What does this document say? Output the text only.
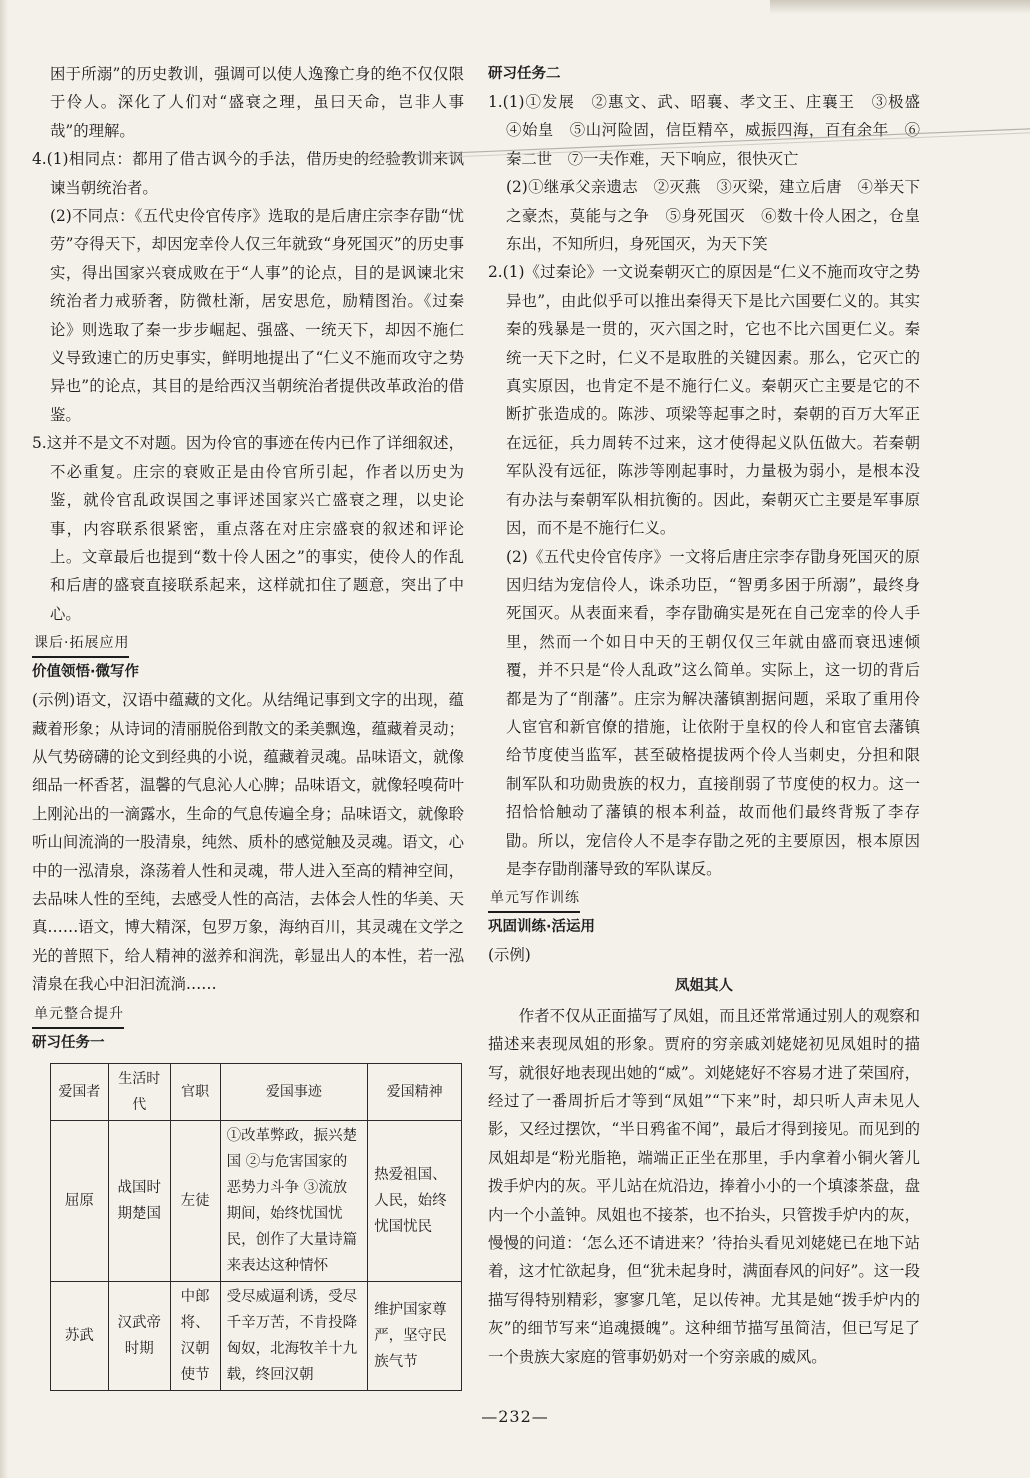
困于所溺”的历史教训，强调可以使人逸豫亡身的绝不仅仅限于伶人。深化了人们对“盛衰之理，虽曰天命，岂非人事哉”的理解。

4.(1)相同点：都用了借古讽今的手法，借历史的经验教训来讽谏当朝统治者。

(2)不同点：《五代史伶官传序》选取的是后唐庄宗李存勖“忧劳”夺得天下，却因宠幸伶人仅三年就致“身死国灭”的历史事实，得出国家兴衰成败在于“人事”的论点，目的是讽谏北宋统治者力戒骄奢，防微杜渐，居安思危，励精图治。《过秦论》则选取了秦一步步崛起、强盛、一统天下，却因不施仁义导致速亡的历史事实，鲜明地提出了“仁义不施而攻守之势异也”的论点，其目的是给西汉当朝统治者提供改革政治的借鉴。

5.这并不是文不对题。因为伶官的事迹在传内已作了详细叙述，不必重复。庄宗的衰败正是由伶官所引起，作者以历史为鉴，就伶官乱政误国之事评述国家兴亡盛衰之理，以史论事，内容联系很紧密，重点落在对庄宗盛衰的叙述和评论上。文章最后也提到“数十伶人困之”的事实，使伶人的作乱和后唐的盛衰直接联系起来，这样就扣住了题意，突出了中心。

课后·拓展应用

价值领悟·微写作

(示例)语文，汉语中蕴藏的文化。从结绳记事到文字的出现，蕴藏着形象；从诗词的清丽脱俗到散文的柔美飘逸，蕴藏着灵动；从气势磅礴的论文到经典的小说，蕴藏着灵魂。品味语文，就像细品一杯香茗，温馨的气息沁人心脾；品味语文，就像轻嗅荷叶上刚沁出的一滴露水，生命的气息传遍全身；品味语文，就像聆听山间流淌的一股清泉，纯然、质朴的感觉触及灵魂。语文，心中的一泓清泉，涤荡着人性和灵魂，带人进入至高的精神空间，去品味人性的至纯，去感受人性的高洁，去体会人性的华美、天真……语文，博大精深，包罗万象，海纳百川，其灵魂在文学之光的普照下，给人精神的滋养和润洗，彰显出人的本性，若一泓清泉在我心中汩汩流淌……

单元整合提升

研习任务一

爱国者	生活时代	官职	爱国事迹	爱国精神
屈原	战国时期楚国	左徒	①改革弊政，振兴楚国 ②与危害国家的恶势力斗争 ③流放期间，始终忧国忧民，创作了大量诗篇来表达这种情怀	热爱祖国、人民，始终忧国忧民
苏武	汉武帝时期	中郎将、汉朝使节	受尽威逼利诱，受尽千辛万苦，不肯投降匈奴，北海牧羊十九载，终回汉朝	维护国家尊严，坚守民族气节

研习任务二

1.(1)①发展　②惠文、武、昭襄、孝文王、庄襄王　③极盛　④始皇　⑤山河险固，信臣精卒，威振四海，百有余年　⑥秦二世　⑦一夫作难，天下响应，很快灭亡

(2)①继承父亲遗志　②灭燕　③灭梁，建立后唐　④举天下之豪杰，莫能与之争　⑤身死国灭　⑥数十伶人困之，仓皇东出，不知所归，身死国灭，为天下笑

2.(1)《过秦论》一文说秦朝灭亡的原因是“仁义不施而攻守之势异也”，由此似乎可以推出秦得天下是比六国要仁义的。其实秦的残暴是一贯的，灭六国之时，它也不比六国更仁义。秦统一天下之时，仁义不是取胜的关键因素。那么，它灭亡的真实原因，也肯定不是不施行仁义。秦朝灭亡主要是它的不断扩张造成的。陈涉、项梁等起事之时，秦朝的百万大军正在远征，兵力周转不过来，这才使得起义队伍做大。若秦朝军队没有远征，陈涉等刚起事时，力量极为弱小，是根本没有办法与秦朝军队相抗衡的。因此，秦朝灭亡主要是军事原因，而不是不施行仁义。

(2)《五代史伶官传序》一文将后唐庄宗李存勖身死国灭的原因归结为宠信伶人，诛杀功臣，“智勇多困于所溺”，最终身死国灭。从表面来看，李存勖确实是死在自己宠幸的伶人手里，然而一个如日中天的王朝仅仅三年就由盛而衰迅速倾覆，并不只是“伶人乱政”这么简单。实际上，这一切的背后都是为了“削藩”。庄宗为解决藩镇割据问题，采取了重用伶人宦官和新官僚的措施，让依附于皇权的伶人和宦官去藩镇给节度使当监军，甚至破格提拔两个伶人当刺史，分担和限制军队和功勋贵族的权力，直接削弱了节度使的权力。这一招恰恰触动了藩镇的根本利益，故而他们最终背叛了李存勖。所以，宠信伶人不是李存勖之死的主要原因，根本原因是李存勖削藩导致的军队谋反。

单元写作训练

巩固训练·活运用

(示例)

凤姐其人

作者不仅从正面描写了凤姐，而且还常常通过别人的观察和描述来表现凤姐的形象。贾府的穷亲戚刘姥姥初见凤姐时的描写，就很好地表现出她的“威”。刘姥姥好不容易才进了荣国府，经过了一番周折后才等到“凤姐”“下来”时，却只听人声未见人影，又经过摆饮，“半日鸦雀不闻”，最后才得到接见。而见到的凤姐却是“粉光脂艳，端端正正坐在那里，手内拿着小铜火箸儿拨手炉内的灰。平儿站在炕沿边，捧着小小的一个填漆茶盘，盘内一个小盖钟。凤姐也不接茶，也不抬头，只管拨手炉内的灰，慢慢的问道：‘怎么还不请进来？’待抬头看见刘姥姥已在地下站着，这才忙欲起身，但“犹未起身时，满面春风的问好”。这一段描写得特别精彩，寥寥几笔，足以传神。尤其是她“拨手炉内的灰”的细节写来“追魂摄魄”。这种细节描写虽简洁，但已写足了一个贵族大家庭的管事奶奶对一个穷亲戚的威风。

—232—
